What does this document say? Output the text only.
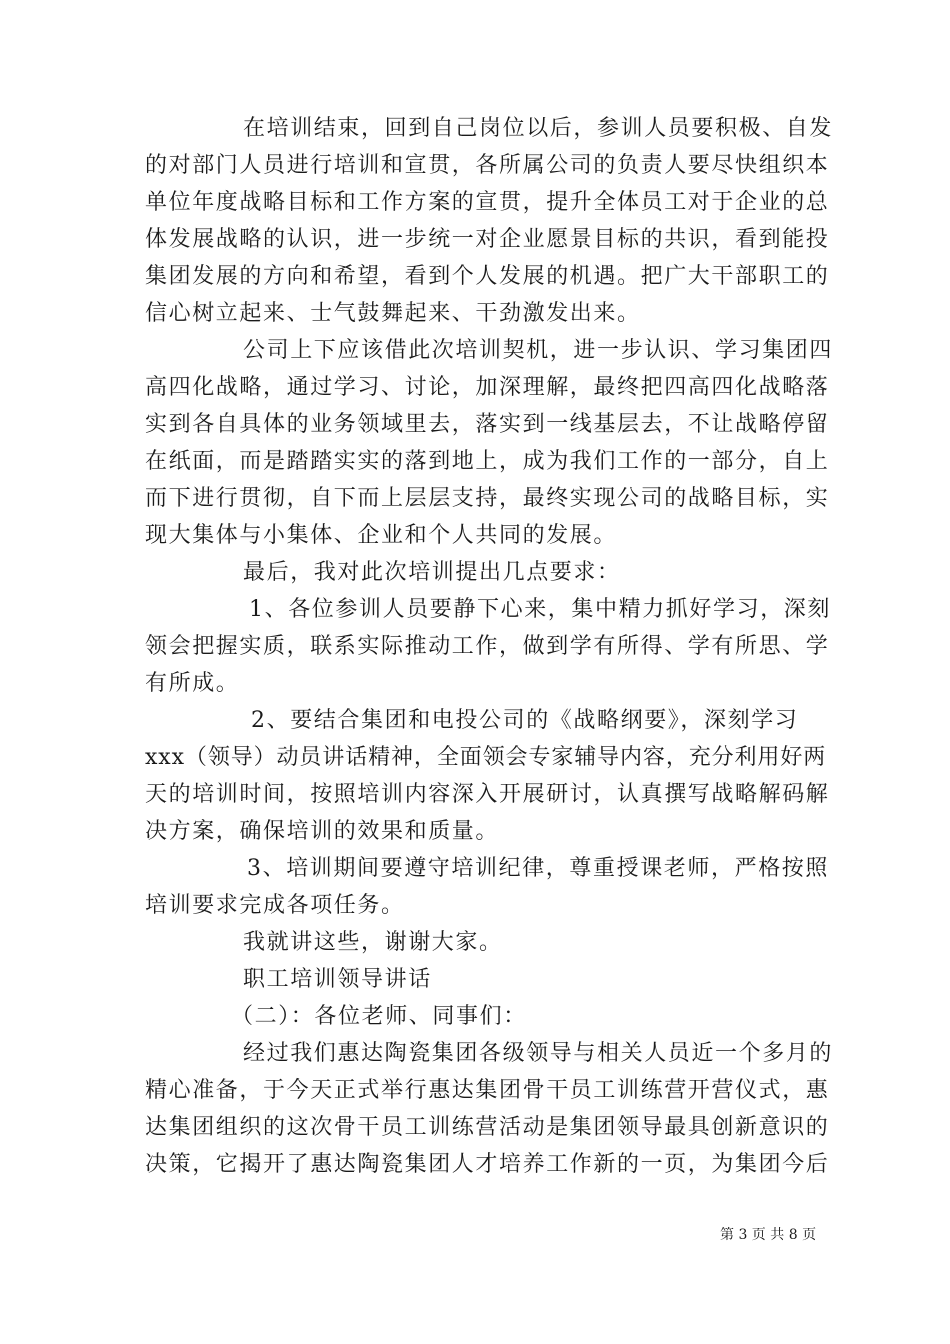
在培训结束，回到自己岗位以后，参训人员要积极、自发
的对部门人员进行培训和宣贯，各所属公司的负责人要尽快组织本
单位年度战略目标和工作方案的宣贯，提升全体员工对于企业的总
体发展战略的认识，进一步统一对企业愿景目标的共识，看到能投
集团发展的方向和希望，看到个人发展的机遇。把广大干部职工的
信心树立起来、士气鼓舞起来、干劲激发出来。
公司上下应该借此次培训契机，进一步认识、学习集团四
高四化战略，通过学习、讨论，加深理解，最终把四高四化战略落
实到各自具体的业务领域里去，落实到一线基层去，不让战略停留
在纸面，而是踏踏实实的落到地上，成为我们工作的一部分，自上
而下进行贯彻，自下而上层层支持，最终实现公司的战略目标，实
现大集体与小集体、企业和个人共同的发展。
最后，我对此次培训提出几点要求：
1、各位参训人员要静下心来，集中精力抓好学习，深刻
领会把握实质，联系实际推动工作，做到学有所得、学有所思、学
有所成。
2、要结合集团和电投公司的《战略纲要》，深刻学习
xxx（领导）动员讲话精神，全面领会专家辅导内容，充分利用好两
天的培训时间，按照培训内容深入开展研讨，认真撰写战略解码解
决方案，确保培训的效果和质量。
3、培训期间要遵守培训纪律，尊重授课老师，严格按照
培训要求完成各项任务。
我就讲这些，谢谢大家。
职工培训领导讲话
（二）：各位老师、同事们：
经过我们惠达陶瓷集团各级领导与相关人员近一个多月的
精心准备，于今天正式举行惠达集团骨干员工训练营开营仪式，惠
达集团组织的这次骨干员工训练营活动是集团领导最具创新意识的
决策，它揭开了惠达陶瓷集团人才培养工作新的一页，为集团今后
第 3 页 共 8 页
